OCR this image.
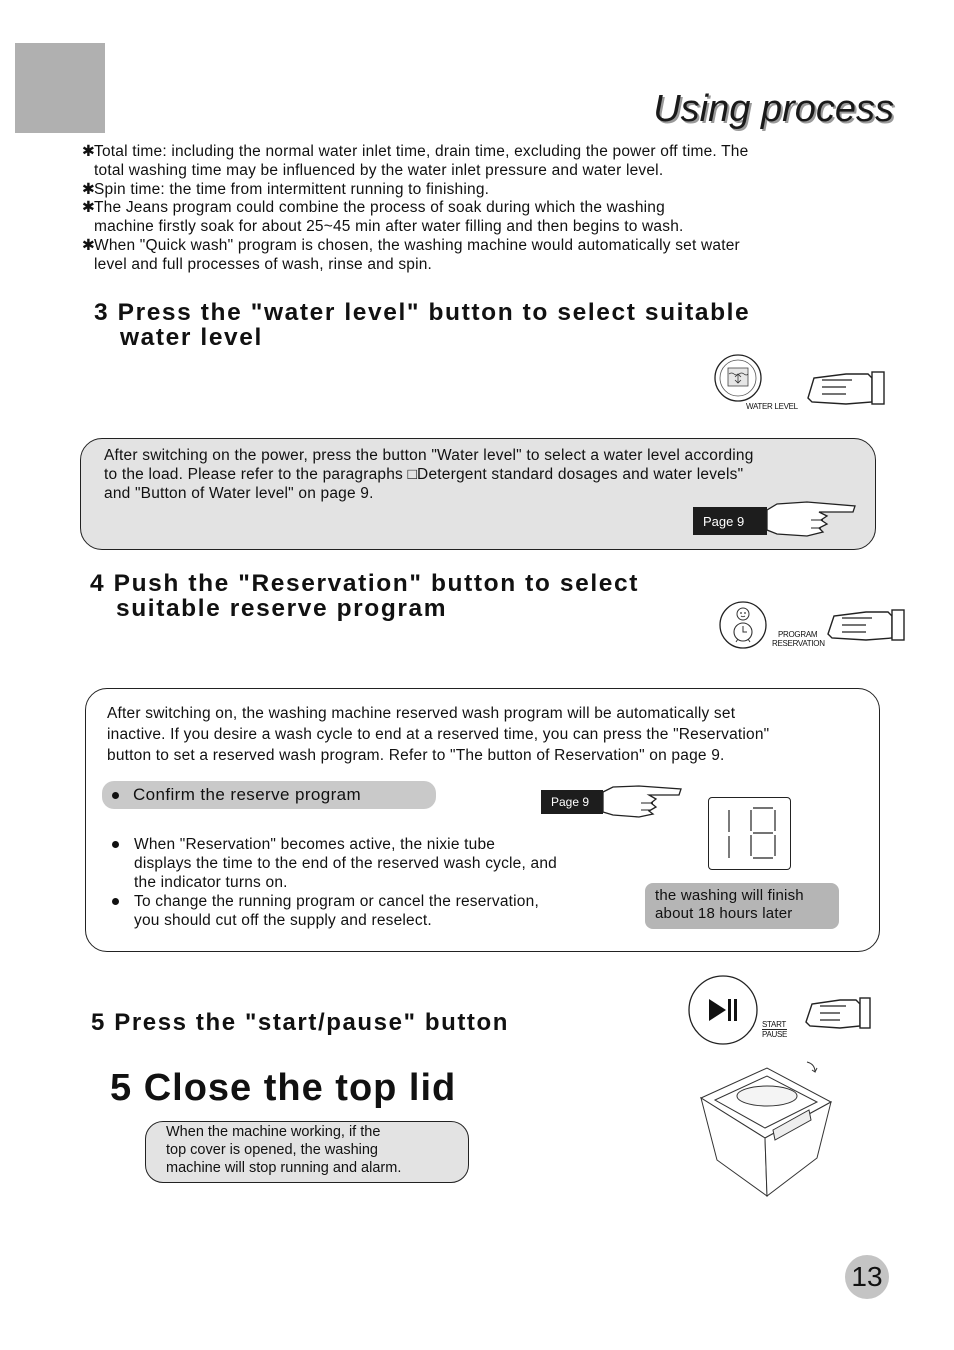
Using process
✱
Total time: including the normal water inlet time, drain time, excluding the power off time. The
total washing time may be influenced by the water inlet pressure and water level.
✱
Spin time: the time from intermittent running to finishing.
✱
The Jeans program could combine the process of soak during which the washing
machine firstly soak for about 25~45 min after water filling and then begins to wash.
✱
When "Quick wash" program is chosen, the washing machine would automatically set water
level and full processes of wash, rinse and spin.
3 Press the "water level" button to select suitable
water level
WATER LEVEL
After switching on the power, press the button "Water level" to select a water level according
to the load. Please refer to the paragraphs □Detergent standard dosages and water levels"
and "Button of Water level" on page 9.
Page 9
4 Push the "Reservation" button to select
suitable reserve program
PROGRAM
RESERVATION
After switching on, the washing machine reserved wash program will be automatically set
inactive. If you desire a wash cycle to end at a reserved time, you can press the "Reservation"
button to set a reserved wash program. Refer to "The button of Reservation" on page 9.
Confirm the reserve program	Page 9
When "Reservation" becomes active, the nixie tube
displays the time to the end of the reserved wash cycle, and
the indicator turns on.
To change the running program or cancel the reservation,
you should cut off the supply and reselect.
the washing will finish
about 18 hours later
5 Press the "start/pause" button	START
PAUSE
5 Close the top lid
When the machine working, if the
top cover is opened, the washing
machine will stop running and alarm.
13
